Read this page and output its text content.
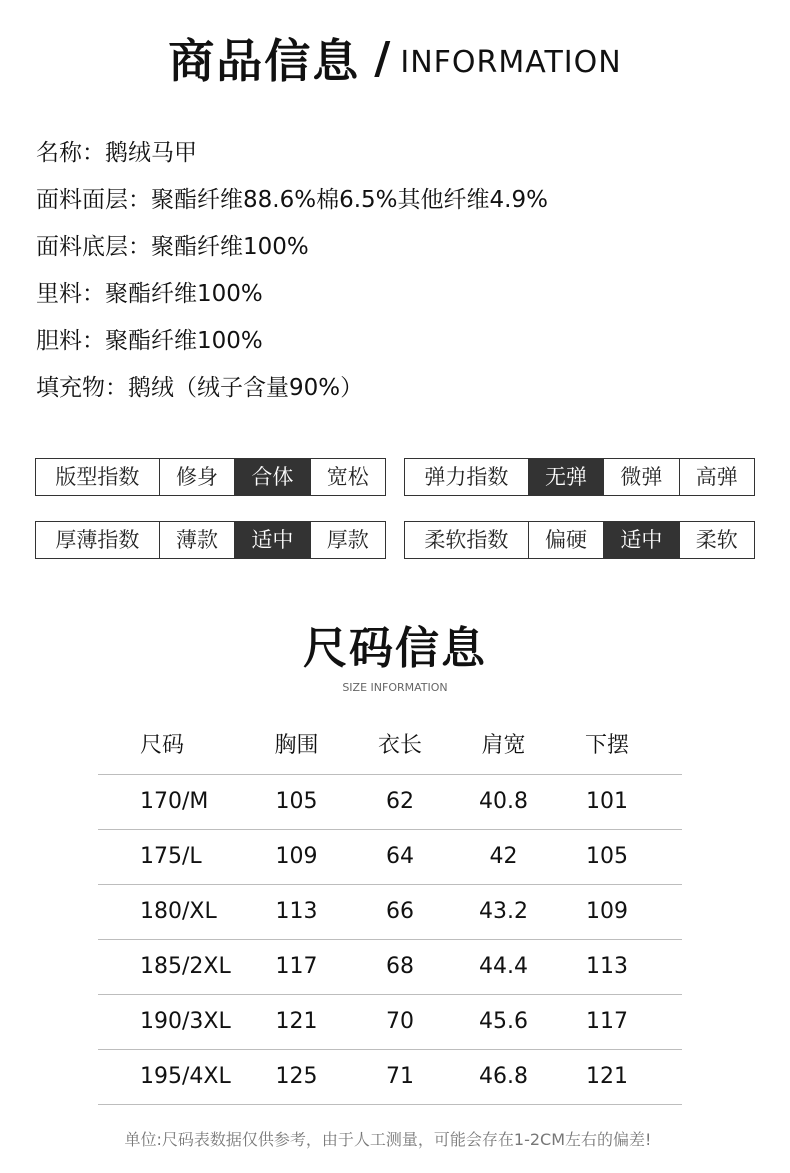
商品信息 / INFORMATION
名称：鹅绒马甲
面料面层：聚酯纤维88.6%棉6.5%其他纤维4.9%
面料底层：聚酯纤维100%
里料：聚酯纤维100%
胆料：聚酯纤维100%
填充物：鹅绒（绒子含量90%）
版型指数	修身	合体	宽松	弹力指数	无弹	微弹	高弹
厚薄指数	薄款	适中	厚款	柔软指数	偏硬	适中	柔软
尺码信息
SIZE INFORMATION
尺码	胸围	衣长	肩宽	下摆
170/M	105	62	40.8	101
175/L	109	64	42	105
180/XL	113	66	43.2	109
185/2XL	117	68	44.4	113
190/3XL	121	70	45.6	117
195/4XL	125	71	46.8	121
单位:尺码表数据仅供参考，由于人工测量，可能会存在1-2CM左右的偏差!
